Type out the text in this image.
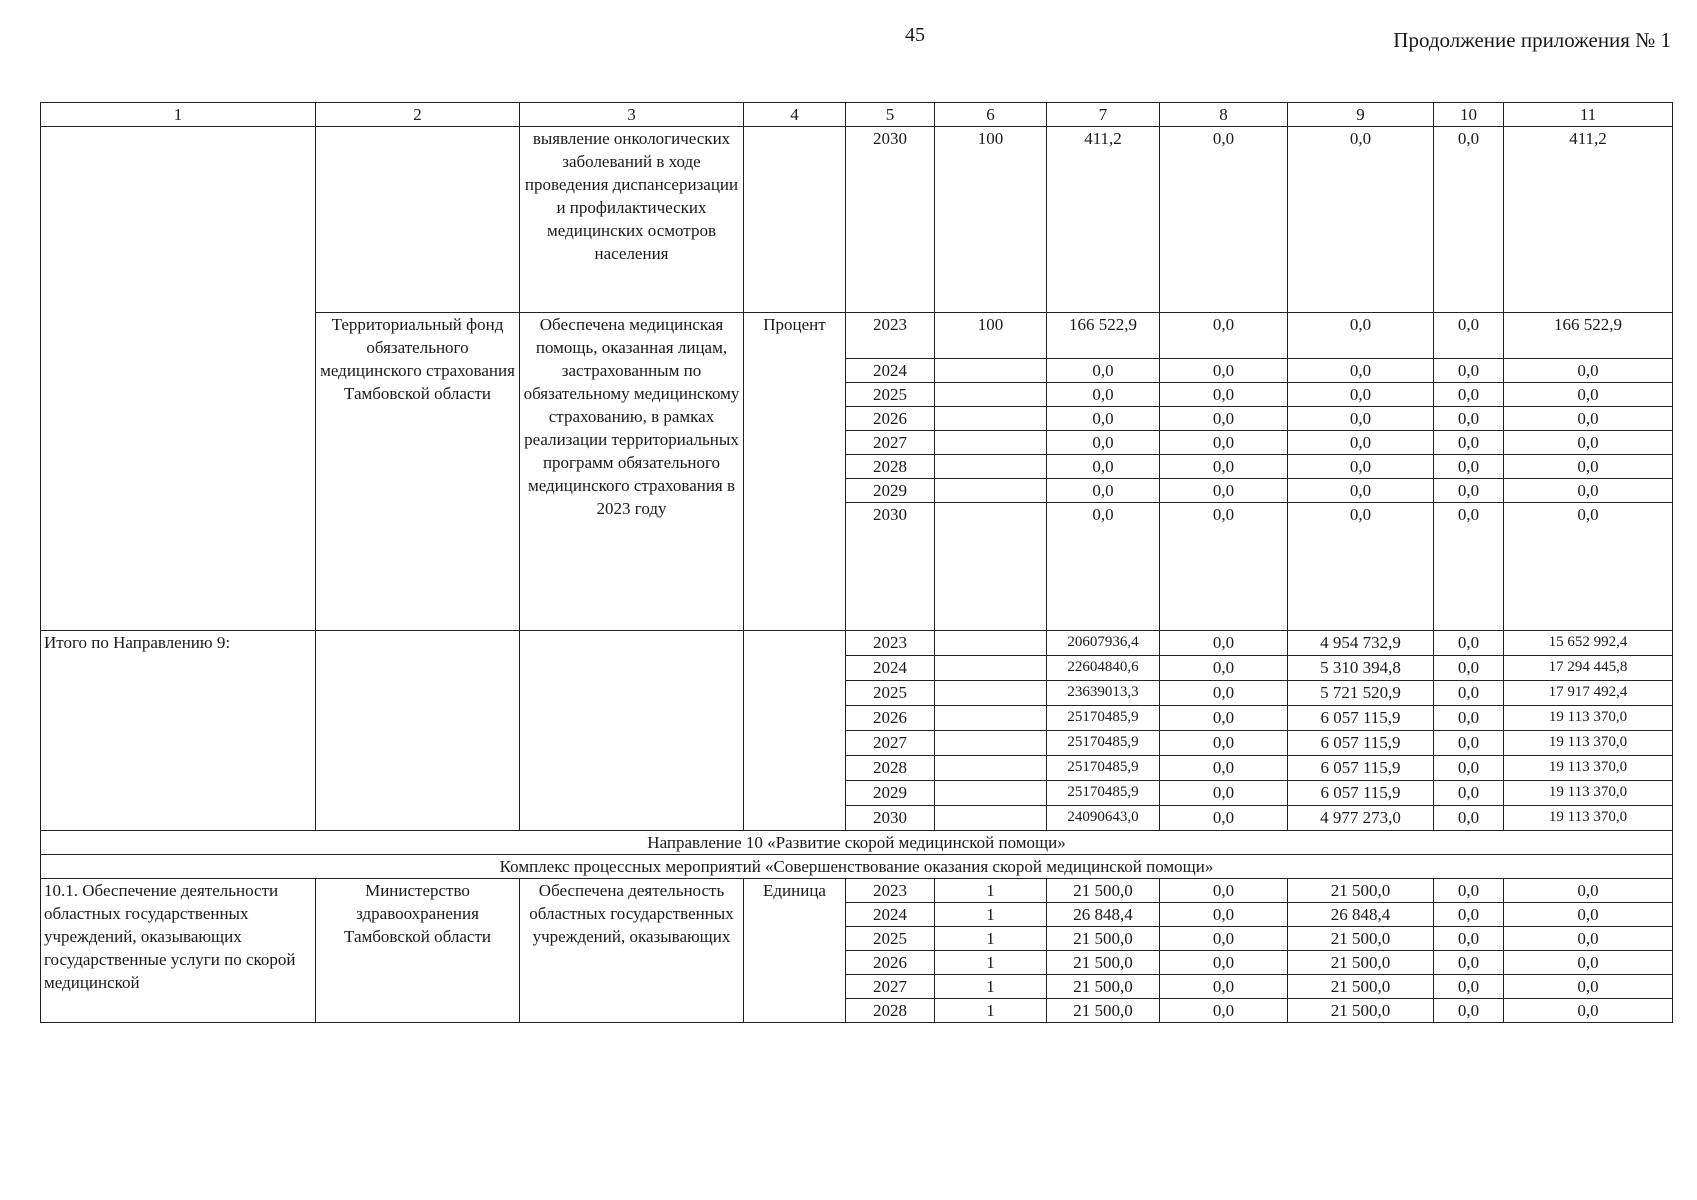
45	Продолжение приложения № 1
1	2	3	4	5	6	7	8	9	10	11
		выявление онкологических заболеваний в ходе проведения диспансеризации и профилактических медицинских осмотров населения		2030	100	411,2	0,0	0,0	0,0	411,2
	Территориальный фонд обязательного медицинского страхования Тамбовской области	Обеспечена медицинская помощь, оказанная лицам, застрахованным по обязательному медицинскому страхованию, в рамках реализации территориальных программ обязательного медицинского страхования в 2023 году	Процент	2023	100	166 522,9	0,0	0,0	0,0	166 522,9
				2024		0,0	0,0	0,0	0,0	0,0
				2025		0,0	0,0	0,0	0,0	0,0
				2026		0,0	0,0	0,0	0,0	0,0
				2027		0,0	0,0	0,0	0,0	0,0
				2028		0,0	0,0	0,0	0,0	0,0
				2029		0,0	0,0	0,0	0,0	0,0
				2030		0,0	0,0	0,0	0,0	0,0
Итого по Направлению 9:				2023		20607936,4	0,0	4 954 732,9	0,0	15 652 992,4
				2024		22604840,6	0,0	5 310 394,8	0,0	17 294 445,8
				2025		23639013,3	0,0	5 721 520,9	0,0	17 917 492,4
				2026		25170485,9	0,0	6 057 115,9	0,0	19 113 370,0
				2027		25170485,9	0,0	6 057 115,9	0,0	19 113 370,0
				2028		25170485,9	0,0	6 057 115,9	0,0	19 113 370,0
				2029		25170485,9	0,0	6 057 115,9	0,0	19 113 370,0
				2030		24090643,0	0,0	4 977 273,0	0,0	19 113 370,0
Направление 10 «Развитие скорой медицинской помощи»										
Комплекс процессных мероприятий «Совершенствование оказания скорой медицинской помощи»										
10.1. Обеспечение деятельности областных государственных учреждений, оказывающих государственные услуги по скорой медицинской	Министерство здравоохранения Тамбовской области	Обеспечена деятельность областных государственных учреждений, оказывающих	Единица	2023	1	21 500,0	0,0	21 500,0	0,0	0,0
				2024	1	26 848,4	0,0	26 848,4	0,0	0,0
				2025	1	21 500,0	0,0	21 500,0	0,0	0,0
				2026	1	21 500,0	0,0	21 500,0	0,0	0,0
				2027	1	21 500,0	0,0	21 500,0	0,0	0,0
				2028	1	21 500,0	0,0	21 500,0	0,0	0,0
